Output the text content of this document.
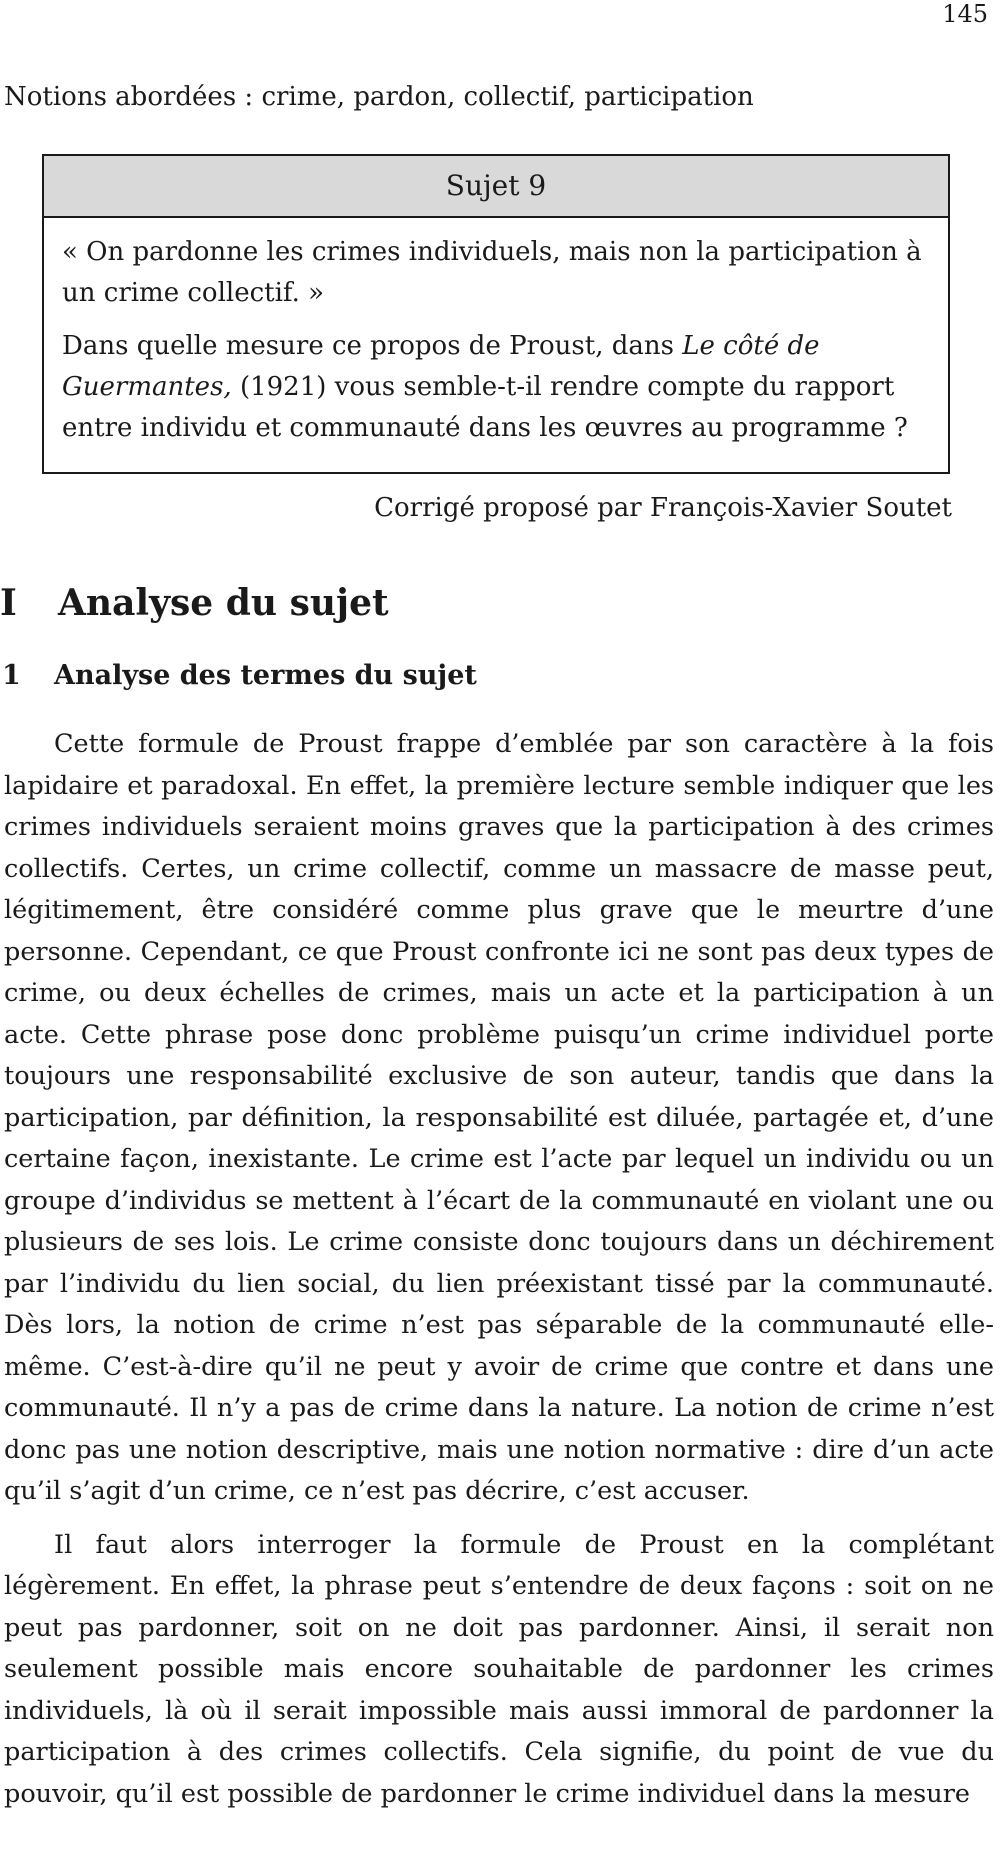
145
Notions abordées : crime, pardon, collectif, participation
Sujet 9

« On pardonne les crimes individuels, mais non la participation à un crime collectif. »

Dans quelle mesure ce propos de Proust, dans Le côté de Guermantes, (1921) vous semble-t-il rendre compte du rapport entre individu et communauté dans les œuvres au programme ?

Corrigé proposé par François-Xavier Soutet
I	Analyse du sujet
1	Analyse des termes du sujet

Cette formule de Proust frappe d’emblée par son caractère à la fois lapidaire et paradoxal. En effet, la première lecture semble indiquer que les crimes individuels seraient moins graves que la participation à des crimes collectifs. Certes, un crime collectif, comme un massacre de masse peut, légitimement, être considéré comme plus grave que le meurtre d’une personne. Cependant, ce que Proust confronte ici ne sont pas deux types de crime, ou deux échelles de crimes, mais un acte et la participation à un acte. Cette phrase pose donc problème puisqu’un crime individuel porte toujours une responsabilité exclusive de son auteur, tandis que dans la participation, par définition, la responsabilité est diluée, partagée et, d’une certaine façon, inexistante. Le crime est l’acte par lequel un individu ou un groupe d’individus se mettent à l’écart de la communauté en violant une ou plusieurs de ses lois. Le crime consiste donc toujours dans un déchirement par l’individu du lien social, du lien préexistant tissé par la communauté. Dès lors, la notion de crime n’est pas séparable de la communauté elle-même. C’est-à-dire qu’il ne peut y avoir de crime que contre et dans une communauté. Il n’y a pas de crime dans la nature. La notion de crime n’est donc pas une notion descriptive, mais une notion normative : dire d’un acte qu’il s’agit d’un crime, ce n’est pas décrire, c’est accuser.

Il faut alors interroger la formule de Proust en la complétant légèrement. En effet, la phrase peut s’entendre de deux façons : soit on ne peut pas pardonner, soit on ne doit pas pardonner. Ainsi, il serait non seulement possible mais encore souhaitable de pardonner les crimes individuels, là où il serait impossible mais aussi immoral de pardonner la participation à des crimes collectifs. Cela signifie, du point de vue du pouvoir, qu’il est possible de pardonner le crime individuel dans la mesure
